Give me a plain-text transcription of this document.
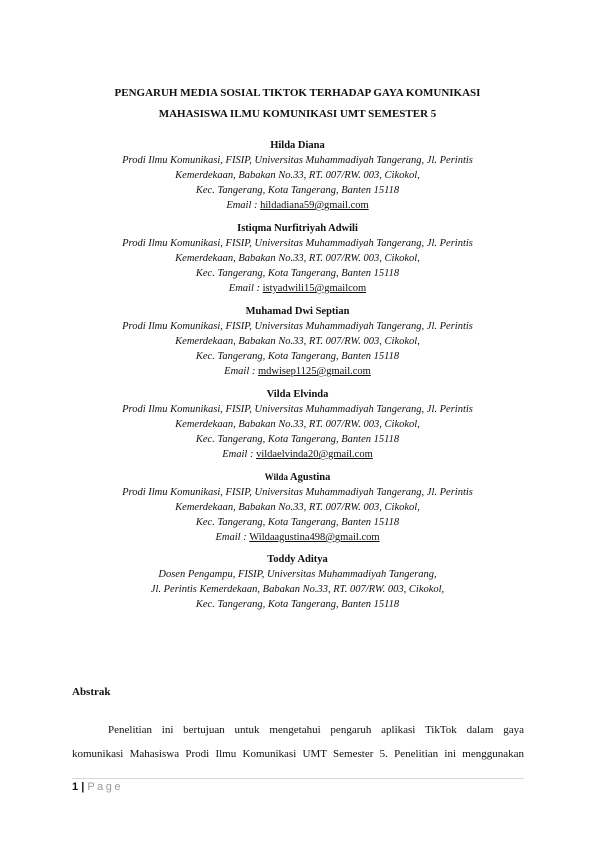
PENGARUH MEDIA SOSIAL TIKTOK TERHADAP GAYA KOMUNIKASI
MAHASISWA ILMU KOMUNIKASI UMT SEMESTER 5
Hilda Diana
Prodi Ilmu Komunikasi, FISIP, Universitas Muhammadiyah Tangerang, Jl. Perintis
Kemerdekaan, Babakan No.33, RT. 007/RW. 003, Cikokol,
Kec. Tangerang, Kota Tangerang, Banten 15118
Email : hildadiana59@gmail.com
Istiqma Nurfitriyah Adwili
Prodi Ilmu Komunikasi, FISIP, Universitas Muhammadiyah Tangerang, Jl. Perintis
Kemerdekaan, Babakan No.33, RT. 007/RW. 003, Cikokol,
Kec. Tangerang, Kota Tangerang, Banten 15118
Email : istyadwili15@gmailcom
Muhamad Dwi Septian
Prodi Ilmu Komunikasi, FISIP, Universitas Muhammadiyah Tangerang, Jl. Perintis
Kemerdekaan, Babakan No.33, RT. 007/RW. 003, Cikokol,
Kec. Tangerang, Kota Tangerang, Banten 15118
Email : mdwisep1125@gmail.com
Vilda Elvinda
Prodi Ilmu Komunikasi, FISIP, Universitas Muhammadiyah Tangerang, Jl. Perintis
Kemerdekaan, Babakan No.33, RT. 007/RW. 003, Cikokol,
Kec. Tangerang, Kota Tangerang, Banten 15118
Email : vildaelvinda20@gmail.com
Wilda Agustina
Prodi Ilmu Komunikasi, FISIP, Universitas Muhammadiyah Tangerang, Jl. Perintis
Kemerdekaan, Babakan No.33, RT. 007/RW. 003, Cikokol,
Kec. Tangerang, Kota Tangerang, Banten 15118
Email : Wildaagustina498@gmail.com
Toddy Aditya
Dosen Pengampu, FISIP, Universitas Muhammadiyah Tangerang,
Jl. Perintis Kemerdekaan, Babakan No.33, RT. 007/RW. 003, Cikokol,
Kec. Tangerang, Kota Tangerang, Banten 15118
Abstrak
Penelitian ini bertujuan untuk mengetahui pengaruh aplikasi TikTok dalam gaya
komunikasi Mahasiswa Prodi Ilmu Komunikasi UMT Semester 5. Penelitian ini menggunakan
1 | Page
